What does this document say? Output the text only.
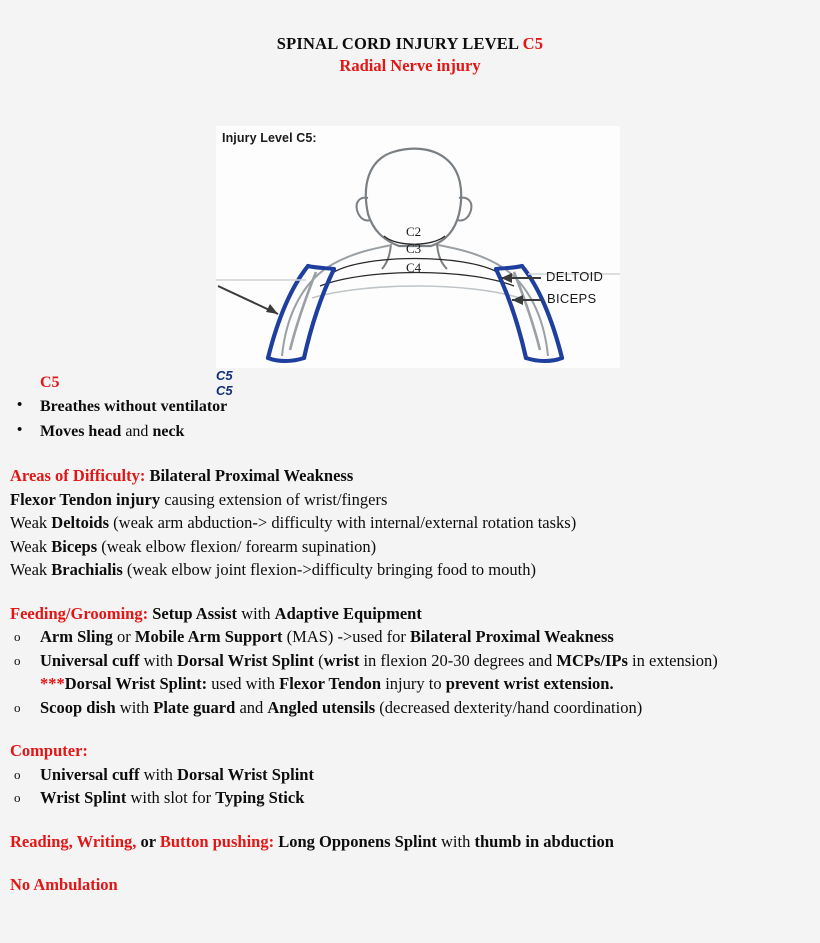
SPINAL CORD INJURY LEVEL C5
Radial Nerve injury
Injury Level C5:
C2
C3
C4
C5
C5
DELTOID
BICEPS
C5
• Breathes without ventilator
• Moves head and neck
Areas of Difficulty: Bilateral Proximal Weakness
Flexor Tendon injury causing extension of wrist/fingers
Weak Deltoids (weak arm abduction-> difficulty with internal/external rotation tasks)
Weak Biceps (weak elbow flexion/ forearm supination)
Weak Brachialis (weak elbow joint flexion->difficulty bringing food to mouth)
Feeding/Grooming: Setup Assist with Adaptive Equipment
o Arm Sling or Mobile Arm Support (MAS) ->used for Bilateral Proximal Weakness
o Universal cuff with Dorsal Wrist Splint (wrist in flexion 20-30 degrees and MCPs/IPs in extension)
***Dorsal Wrist Splint: used with Flexor Tendon injury to prevent wrist extension.
o Scoop dish with Plate guard and Angled utensils (decreased dexterity/hand coordination)
Computer:
o Universal cuff with Dorsal Wrist Splint
o Wrist Splint with slot for Typing Stick
Reading, Writing, or Button pushing: Long Opponens Splint with thumb in abduction
No Ambulation
